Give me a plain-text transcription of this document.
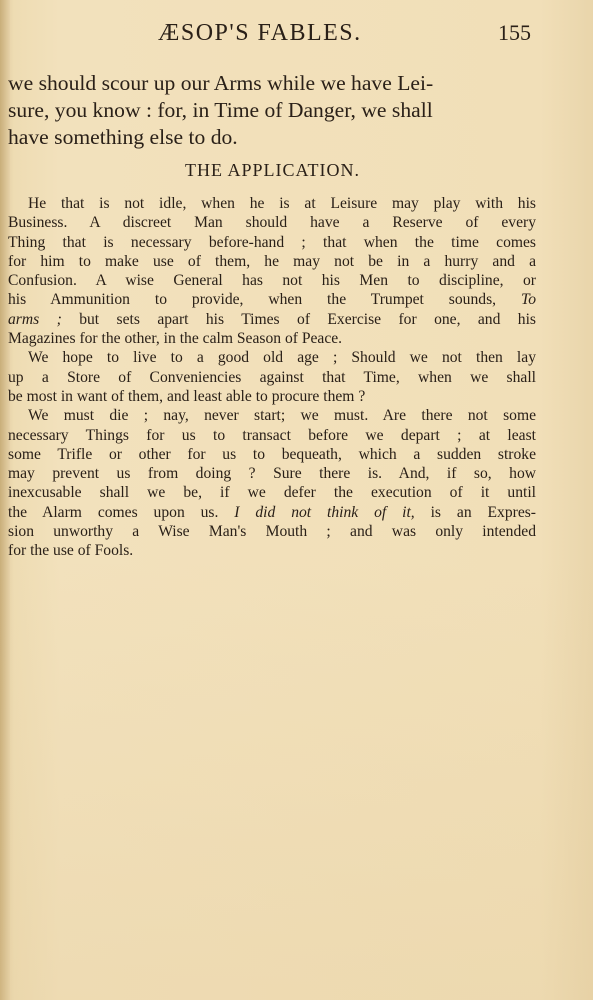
ÆSOP'S FABLES.	155
we should scour up our Arms while we have Lei-
sure, you know : for, in Time of Danger, we shall
have something else to do.
THE APPLICATION.
He that is not idle, when he is at Leisure may play with his
Business. A discreet Man should have a Reserve of every
Thing that is necessary before-hand ; that when the time comes
for him to make use of them, he may not be in a hurry and a
Confusion. A wise General has not his Men to discipline, or
his Ammunition to provide, when the Trumpet sounds, To
arms ; but sets apart his Times of Exercise for one, and his
Magazines for the other, in the calm Season of Peace.
We hope to live to a good old age ; Should we not then lay
up a Store of Conveniencies against that Time, when we shall
be most in want of them, and least able to procure them ?
We must die ; nay, never start; we must. Are there not some
necessary Things for us to transact before we depart ; at least
some Trifle or other for us to bequeath, which a sudden stroke
may prevent us from doing ? Sure there is. And, if so, how
inexcusable shall we be, if we defer the execution of it until
the Alarm comes upon us. I did not think of it, is an Expres-
sion unworthy a Wise Man's Mouth ; and was only intended
for the use of Fools.
